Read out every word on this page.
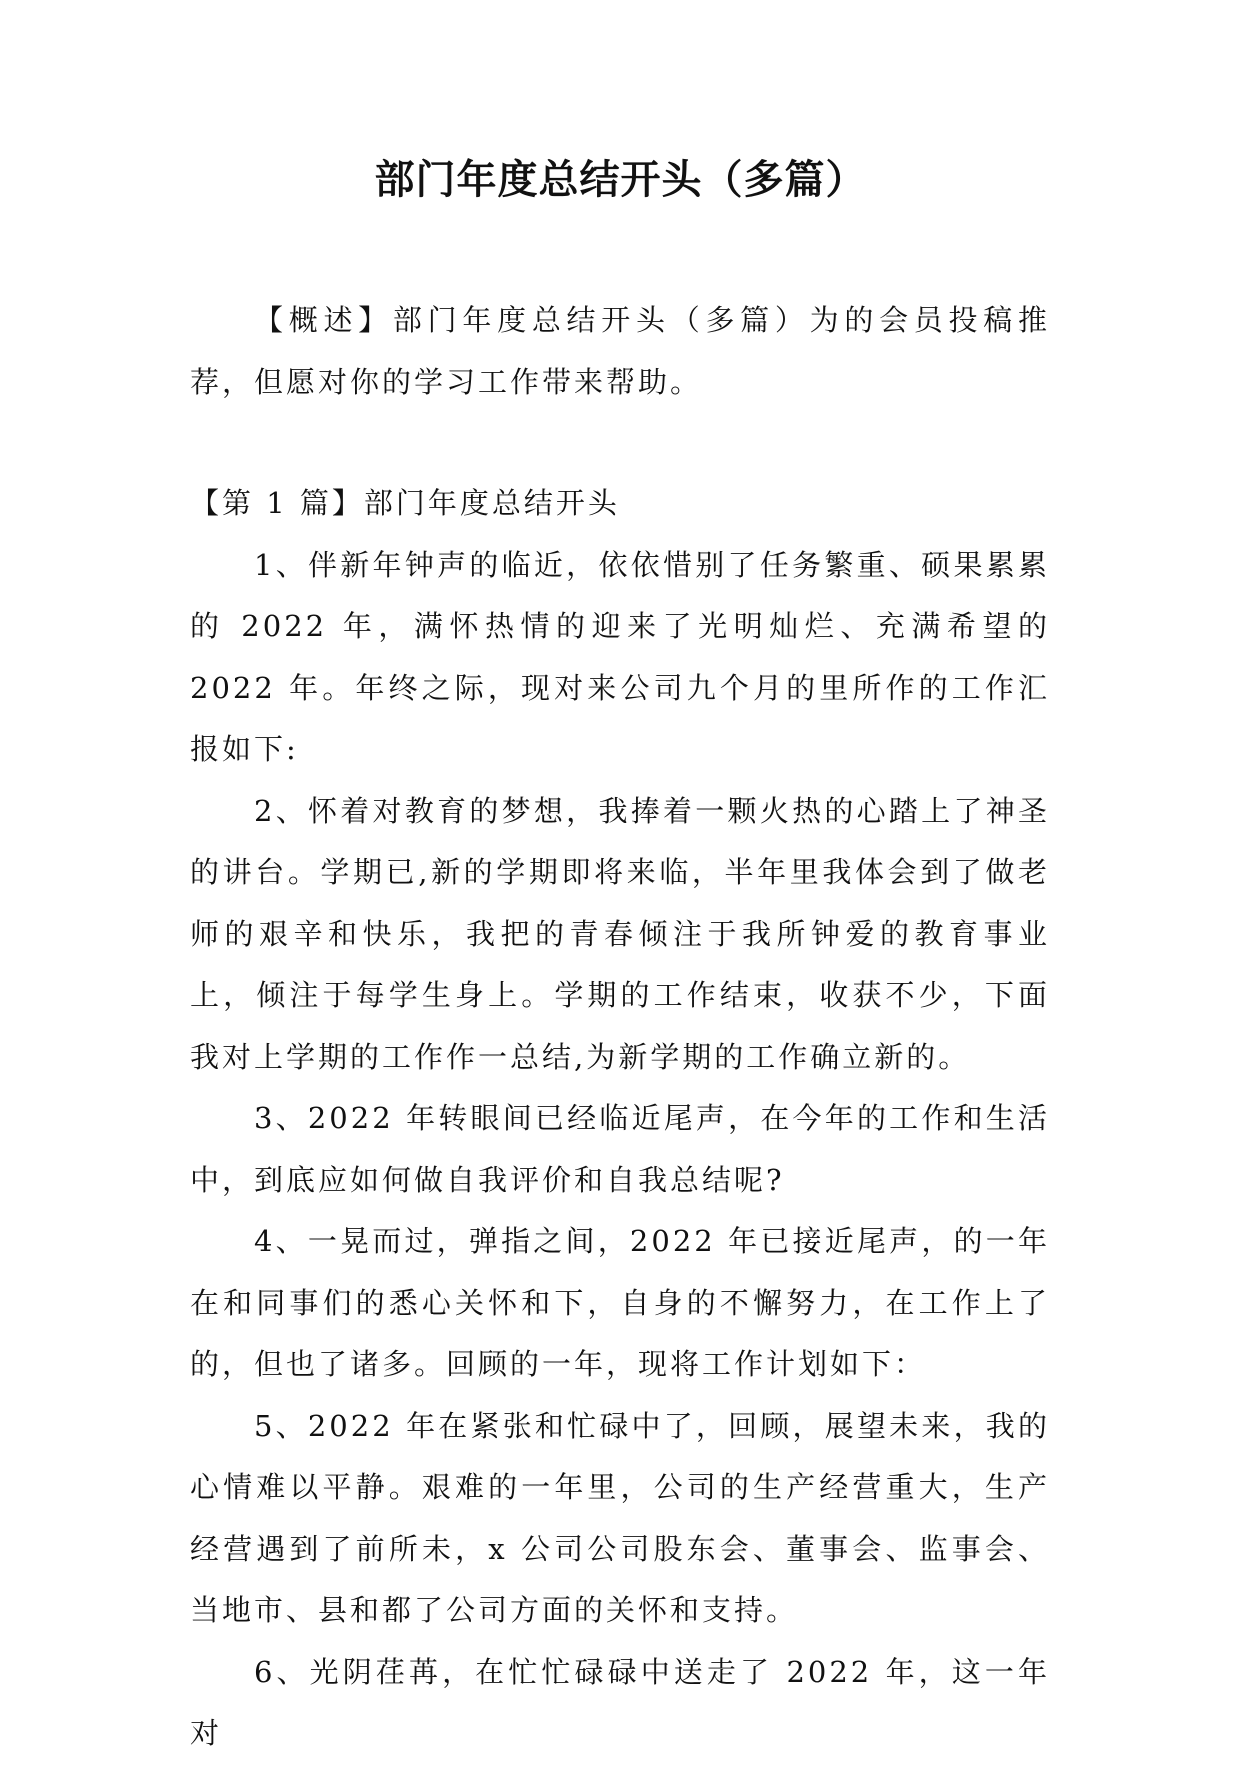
部门年度总结开头（多篇）

【概述】部门年度总结开头（多篇）为的会员投稿推荐，但愿对你的学习工作带来帮助。

【第 1 篇】部门年度总结开头

1、伴新年钟声的临近，依依惜别了任务繁重、硕果累累的 2022 年，满怀热情的迎来了光明灿烂、充满希望的 2022 年。年终之际，现对来公司九个月的里所作的工作汇报如下:

2、怀着对教育的梦想，我捧着一颗火热的心踏上了神圣的讲台。学期已,新的学期即将来临，半年里我体会到了做老师的艰辛和快乐，我把的青春倾注于我所钟爱的教育事业上，倾注于每学生身上。学期的工作结束，收获不少，下面我对上学期的工作作一总结,为新学期的工作确立新的。

3、2022 年转眼间已经临近尾声，在今年的工作和生活中，到底应如何做自我评价和自我总结呢?

4、一晃而过，弹指之间，2022 年已接近尾声，的一年在和同事们的悉心关怀和下，自身的不懈努力，在工作上了的，但也了诸多。回顾的一年，现将工作计划如下：

5、2022 年在紧张和忙碌中了，回顾，展望未来，我的心情难以平静。艰难的一年里，公司的生产经营重大，生产经营遇到了前所未，x 公司公司股东会、董事会、监事会、当地市、县和都了公司方面的关怀和支持。

6、光阴荏苒，在忙忙碌碌中送走了 2022 年，这一年对
